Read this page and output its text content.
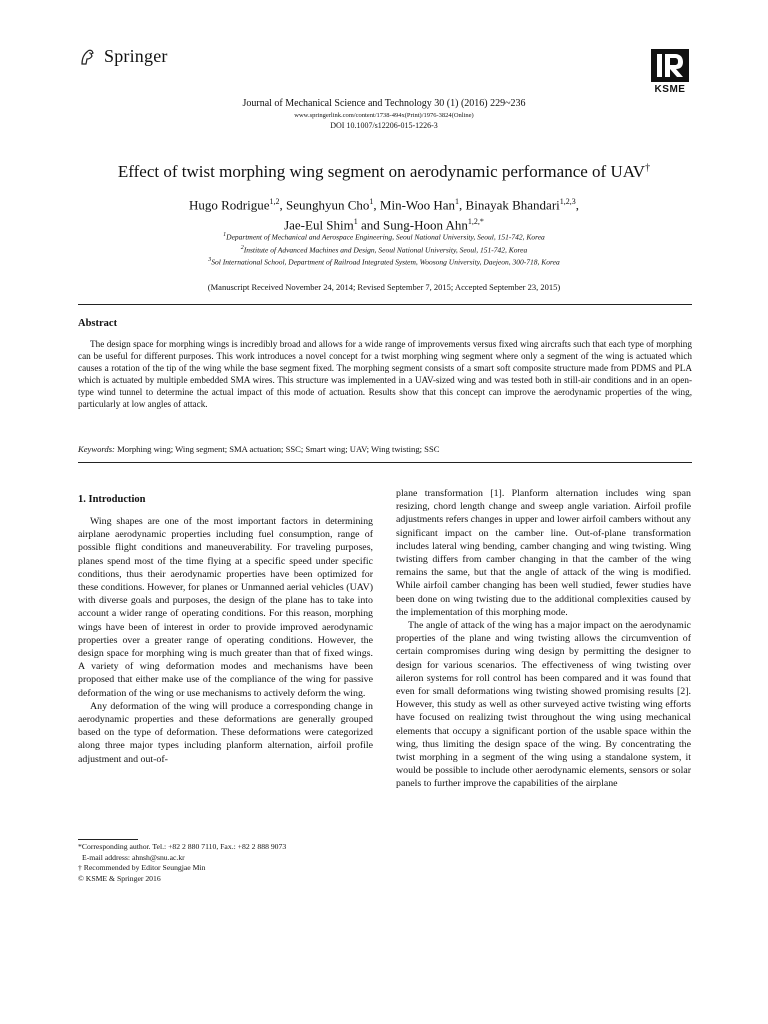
Springer
KSME
Journal of Mechanical Science and Technology 30 (1) (2016) 229~236
www.springerlink.com/content/1738-494x(Print)/1976-3824(Online)
DOI 10.1007/s12206-015-1226-3
Effect of twist morphing wing segment on aerodynamic performance of UAV†
Hugo Rodrigue$^{1,2}$, Seunghyun Cho$^1$, Min-Woo Han$^1$, Binayak Bhandari$^{1,2,3}$,
Jae-Eul Shim$^1$ and Sung-Hoon Ahn$^{1,2,*}$
$^1$Department of Mechanical and Aerospace Engineering, Seoul National University, Seoul, 151-742, Korea
$^2$Institute of Advanced Machines and Design, Seoul National University, Seoul, 151-742, Korea
$^3$Sol International School, Department of Railroad Integrated System, Woosong University, Daejeon, 300-718, Korea
(Manuscript Received November 24, 2014; Revised September 7, 2015; Accepted September 23, 2015)
Abstract
The design space for morphing wings is incredibly broad and allows for a wide range of improvements versus fixed wing aircrafts such that each type of morphing can be useful for different purposes. This work introduces a novel concept for a twist morphing wing segment where only a segment of the wing is actuated which causes a rotation of the tip of the wing while the base segment fixed. The morphing segment consists of a smart soft composite structure made from PDMS and PLA which is actuated by multiple embedded SMA wires. This structure was implemented in a UAV-sized wing and was tested both in still-air conditions and in an open-type wind tunnel to determine the actual impact of this mode of actuation. Results show that this concept can improve the aerodynamic properties of the wing, particularly at low angles of attack.
Keywords: Morphing wing; Wing segment; SMA actuation; SSC; Smart wing; UAV; Wing twisting; SSC
1. Introduction

Wing shapes are one of the most important factors in determining airplane aerodynamic properties including fuel consumption, range of possible flight conditions and maneuverability. For traveling purposes, planes spend most of the time flying at a specific speed under specific conditions, thus their aerodynamic properties have been optimized for these conditions. However, for planes or Unmanned aerial vehicles (UAV) with diverse goals and purposes, the design of the plane has to take into account a wider range of operating conditions. For this reason, morphing wings have been of interest in order to provide improved aerodynamic properties over a greater range of operating conditions. However, the design space for morphing wing is much greater than that of fixed wings. A variety of wing deformation modes and mechanisms have been proposed that either make use of the compliance of the wing for passive deformation of the wing or use mechanisms to actively deform the wing.

Any deformation of the wing will produce a corresponding change in aerodynamic properties and these deformations are generally grouped based on the type of deformation. These deformations were categorized along three major types including planform alternation, airfoil profile adjustment and out-of-

plane transformation [1]. Planform alternation includes wing span resizing, chord length change and sweep angle variation. Airfoil profile adjustments refers changes in upper and lower airfoil cambers without any significant impact on the camber line. Out-of-plane transformation includes lateral wing bending, camber changing and wing twisting. Wing twisting differs from camber changing in that the camber of the wing remains the same, but that the angle of attack of the wing is modified. While airfoil camber changing has been well studied, fewer studies have been done on wing twisting due to the additional complexities caused by the implementation of this morphing mode.

The angle of attack of the wing has a major impact on the aerodynamic properties of the plane and wing twisting allows the circumvention of certain compromises during wing design by permitting the designer to design for various scenarios. The effectiveness of wing twisting over aileron systems for roll control has been compared and it was found that even for small deformations wing twisting showed promising results [2]. However, this study as well as other surveyed active twisting wing efforts have focused on realizing twist throughout the wing using mechanical elements that occupy a significant portion of the usable space within the wing, thus limiting the design space of the wing. By concentrating the twist morphing in a segment of the wing using a standalone system, it would be possible to include other aerodynamic elements, sensors or solar panels to further improve the capabilities of the airplane

*Corresponding author. Tel.: +82 2 880 7110, Fax.: +82 2 888 9073
E-mail address: ahnsh@snu.ac.kr
† Recommended by Editor Seungjae Min
© KSME & Springer 2016
